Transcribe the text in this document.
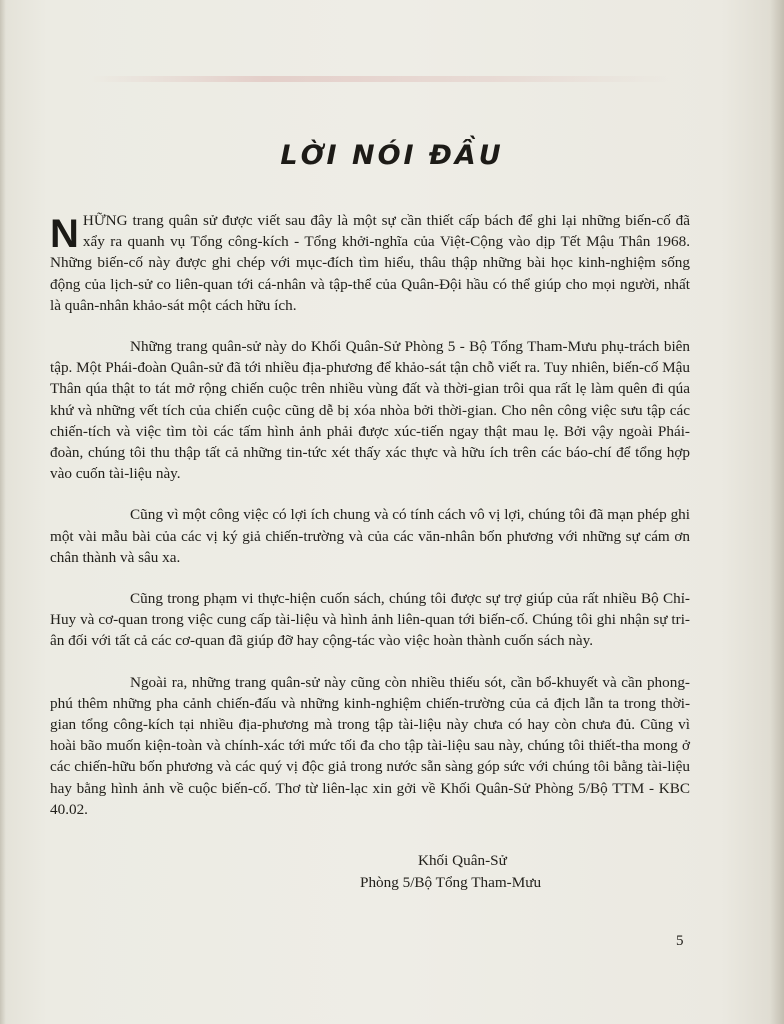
LỜI NÓI ĐẦU

NHỮNG trang quân sử được viết sau đây là một sự cần thiết cấp bách để ghi lại những biến-cố đã xẩy ra quanh vụ Tổng công-kích - Tổng khởi-nghĩa của Việt-Cộng vào dịp Tết Mậu Thân 1968. Những biến-cố này được ghi chép với mục-đích tìm hiểu, thâu thập những bài học kinh-nghiệm sống động của lịch-sử co liên-quan tới cá-nhân và tập-thể của Quân-Đội hầu có thể giúp cho mọi người, nhất là quân-nhân khảo-sát một cách hữu ích.

Những trang quân-sử này do Khối Quân-Sử Phòng 5 - Bộ Tổng Tham-Mưu phụ-trách biên tập. Một Phái-đoàn Quân-sử đã tới nhiều địa-phương để khảo-sát tận chỗ viết ra. Tuy nhiên, biến-cố Mậu Thân qúa thật to tát mở rộng chiến cuộc trên nhiều vùng đất và thời-gian trôi qua rất lẹ làm quên đi qúa khứ và những vết tích của chiến cuộc cũng dễ bị xóa nhòa bởi thời-gian. Cho nên công việc sưu tập các chiến-tích và việc tìm tòi các tấm hình ảnh phải được xúc-tiến ngay thật mau lẹ. Bởi vậy ngoài Phái-đoàn, chúng tôi thu thập tất cả những tin-tức xét thấy xác thực và hữu ích trên các báo-chí để tổng hợp vào cuốn tài-liệu này.

Cũng vì một công việc có lợi ích chung và có tính cách vô vị lợi, chúng tôi đã mạn phép ghi một vài mẫu bài của các vị ký giả chiến-trường và của các văn-nhân bốn phương với những sự cám ơn chân thành và sâu xa.

Cũng trong phạm vi thực-hiện cuốn sách, chúng tôi được sự trợ giúp của rất nhiều Bộ Chỉ-Huy và cơ-quan trong việc cung cấp tài-liệu và hình ảnh liên-quan tới biến-cố. Chúng tôi ghi nhận sự tri-ân đối với tất cả các cơ-quan đã giúp đỡ hay cộng-tác vào việc hoàn thành cuốn sách này.

Ngoài ra, những trang quân-sử này cũng còn nhiều thiếu sót, cần bổ-khuyết và cần phong-phú thêm những pha cảnh chiến-đấu và những kinh-nghiệm chiến-trường của cả địch lẫn ta trong thời-gian tổng công-kích tại nhiều địa-phương mà trong tập tài-liệu này chưa có hay còn chưa đủ. Cũng vì hoài bão muốn kiện-toàn và chính-xác tới mức tối đa cho tập tài-liệu sau này, chúng tôi thiết-tha mong ở các chiến-hữu bốn phương và các quý vị độc giả trong nước sẵn sàng góp sức với chúng tôi bằng tài-liệu hay bằng hình ảnh về cuộc biến-cố. Thơ từ liên-lạc xin gởi về Khối Quân-Sử Phòng 5/Bộ TTM - KBC 40.02.

Khối Quân-Sử
Phòng 5/Bộ Tổng Tham-Mưu
5
